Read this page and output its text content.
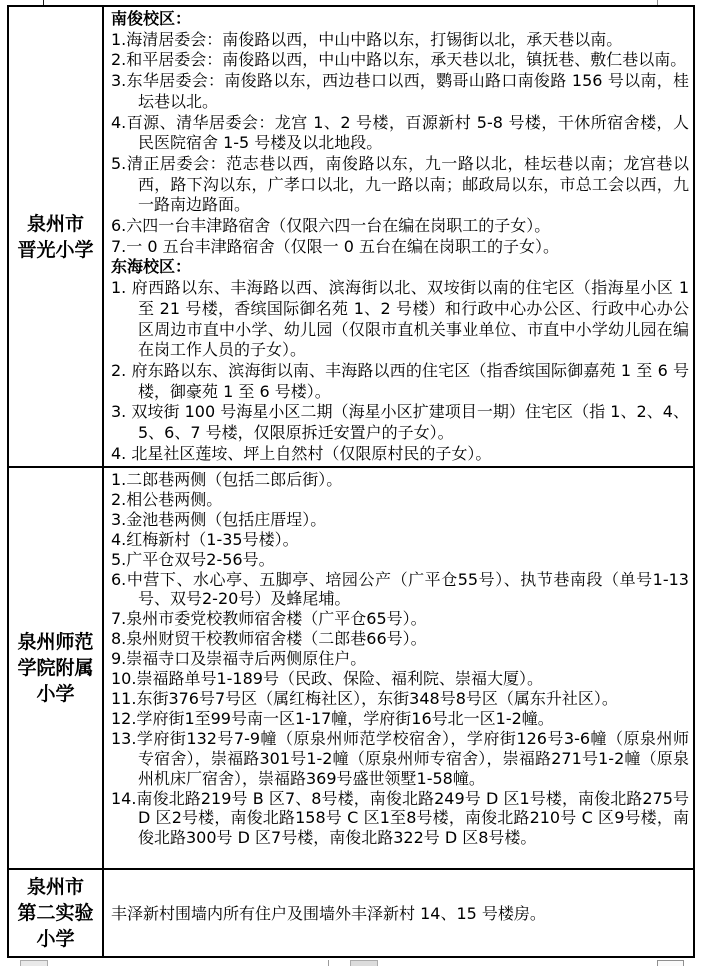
泉州市
晋光小学
南俊校区：
1.海清居委会：南俊路以西，中山中路以东，打锡街以北，承天巷以南。
2.和平居委会：南俊路以西，中山中路以东，承天巷以北，镇抚巷、敷仁巷以南。
3.东华居委会：南俊路以东，西边巷口以西，鹦哥山路口南俊路 156 号以南，桂坛巷以北。
4.百源、清华居委会：龙宫 1、2 号楼，百源新村 5-8 号楼，干休所宿舍楼，人民医院宿舍 1-5 号楼及以北地段。
5.清正居委会：范志巷以西，南俊路以东，九一路以北，桂坛巷以南；龙宫巷以西，路下沟以东，广孝口以北，九一路以南；邮政局以东，市总工会以西，九一路南边路面。
6.六四一台丰津路宿舍（仅限六四一台在编在岗职工的子女）。
7.一 0 五台丰津路宿舍（仅限一 0 五台在编在岗职工的子女）。
东海校区：
1. 府西路以东、丰海路以西、滨海街以北、双垵街以南的住宅区（指海星小区 1 至 21 号楼，香缤国际御名苑 1、2 号楼）和行政中心办公区、行政中心办公区周边市直中小学、幼儿园（仅限市直机关事业单位、市直中小学幼儿园在编在岗工作人员的子女）。
2. 府东路以东、滨海街以南、丰海路以西的住宅区（指香缤国际御嘉苑 1 至 6 号楼，御豪苑 1 至 6 号楼）。
3. 双垵街 100 号海星小区二期（海星小区扩建项目一期）住宅区（指 1、2、4、5、6、7 号楼，仅限原拆迁安置户的子女）。
4. 北星社区莲垵、坪上自然村（仅限原村民的子女）。
泉州师范
学院附属
小学
1.二郎巷两侧（包括二郎后街）。
2.相公巷两侧。
3.金池巷两侧（包括庄厝埕）。
4.红梅新村（1-35号楼）。
5.广平仓双号2-56号。
6.中营下、水心亭、五脚亭、培园公产（广平仓55号）、执节巷南段（单号1-13号、双号2-20号）及蜂尾埔。
7.泉州市委党校教师宿舍楼（广平仓65号）。
8.泉州财贸干校教师宿舍楼（二郎巷66号）。
9.崇福寺口及崇福寺后两侧原住户。
10.崇福路单号1-189号（民政、保险、福利院、崇福大厦）。
11.东街376号7号区（属红梅社区），东街348号8号区（属东升社区）。
12.学府街1至99号南一区1-17幢，学府街16号北一区1-2幢。
13.学府街132号7-9幢（原泉州师范学校宿舍），学府街126号3-6幢（原泉州师专宿舍），崇福路301号1-2幢（原泉州师专宿舍），崇福路271号1-2幢（原泉州机床厂宿舍），崇福路369号盛世领墅1-58幢。
14.南俊北路219号 B 区7、8号楼，南俊北路249号 D 区1号楼，南俊北路275号 D 区2号楼，南俊北路158号 C 区1至8号楼，南俊北路210号 C 区9号楼，南俊北路300号 D 区7号楼，南俊北路322号 D 区8号楼。
泉州市
第二实验
小学
丰泽新村围墙内所有住户及围墙外丰泽新村 14、15 号楼房。
